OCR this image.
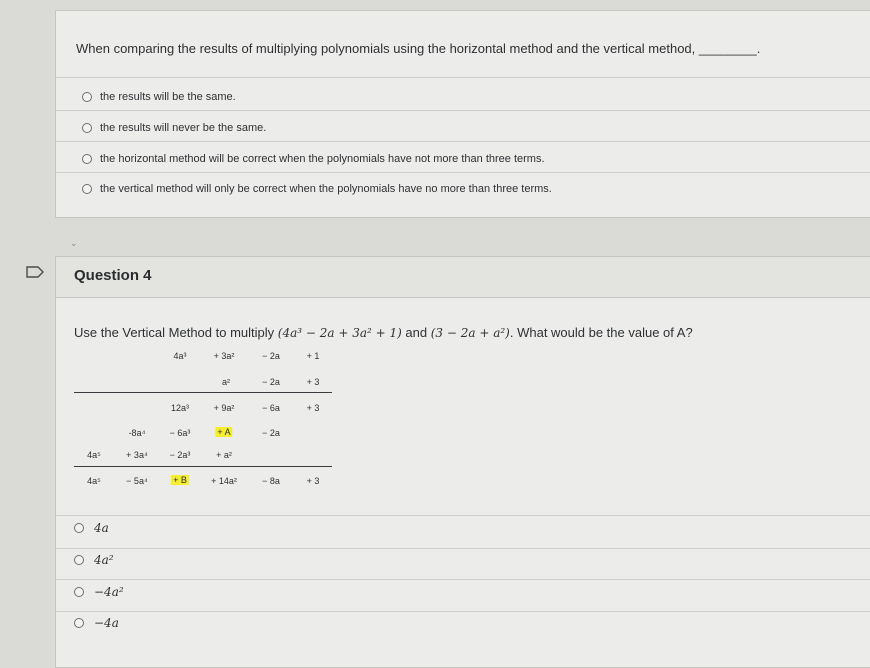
When comparing the results of multiplying polynomials using the horizontal method and the vertical method, ________.
the results will be the same.
the results will never be the same.
the horizontal method will be correct when the polynomials have not more than three terms.
the vertical method will only be correct when the polynomials have no more than three terms.
⌄
Question 4
Use the Vertical Method to multiply (4a³ − 2a + 3a² + 1) and (3 − 2a + a²). What would be the value of A?
4a³	+ 3a²	− 2a	+ 1
a²	− 2a	+ 3
12a³	+ 9a²	− 6a	+ 3
-8a⁴	− 6a³	+ A	− 2a
4a⁵	+ 3a⁴ − 2a³	+ a²
4a⁵	− 5a⁴	+ B	+ 14a²	− 8a	+ 3
4a
4a²
−4a²
−4a
